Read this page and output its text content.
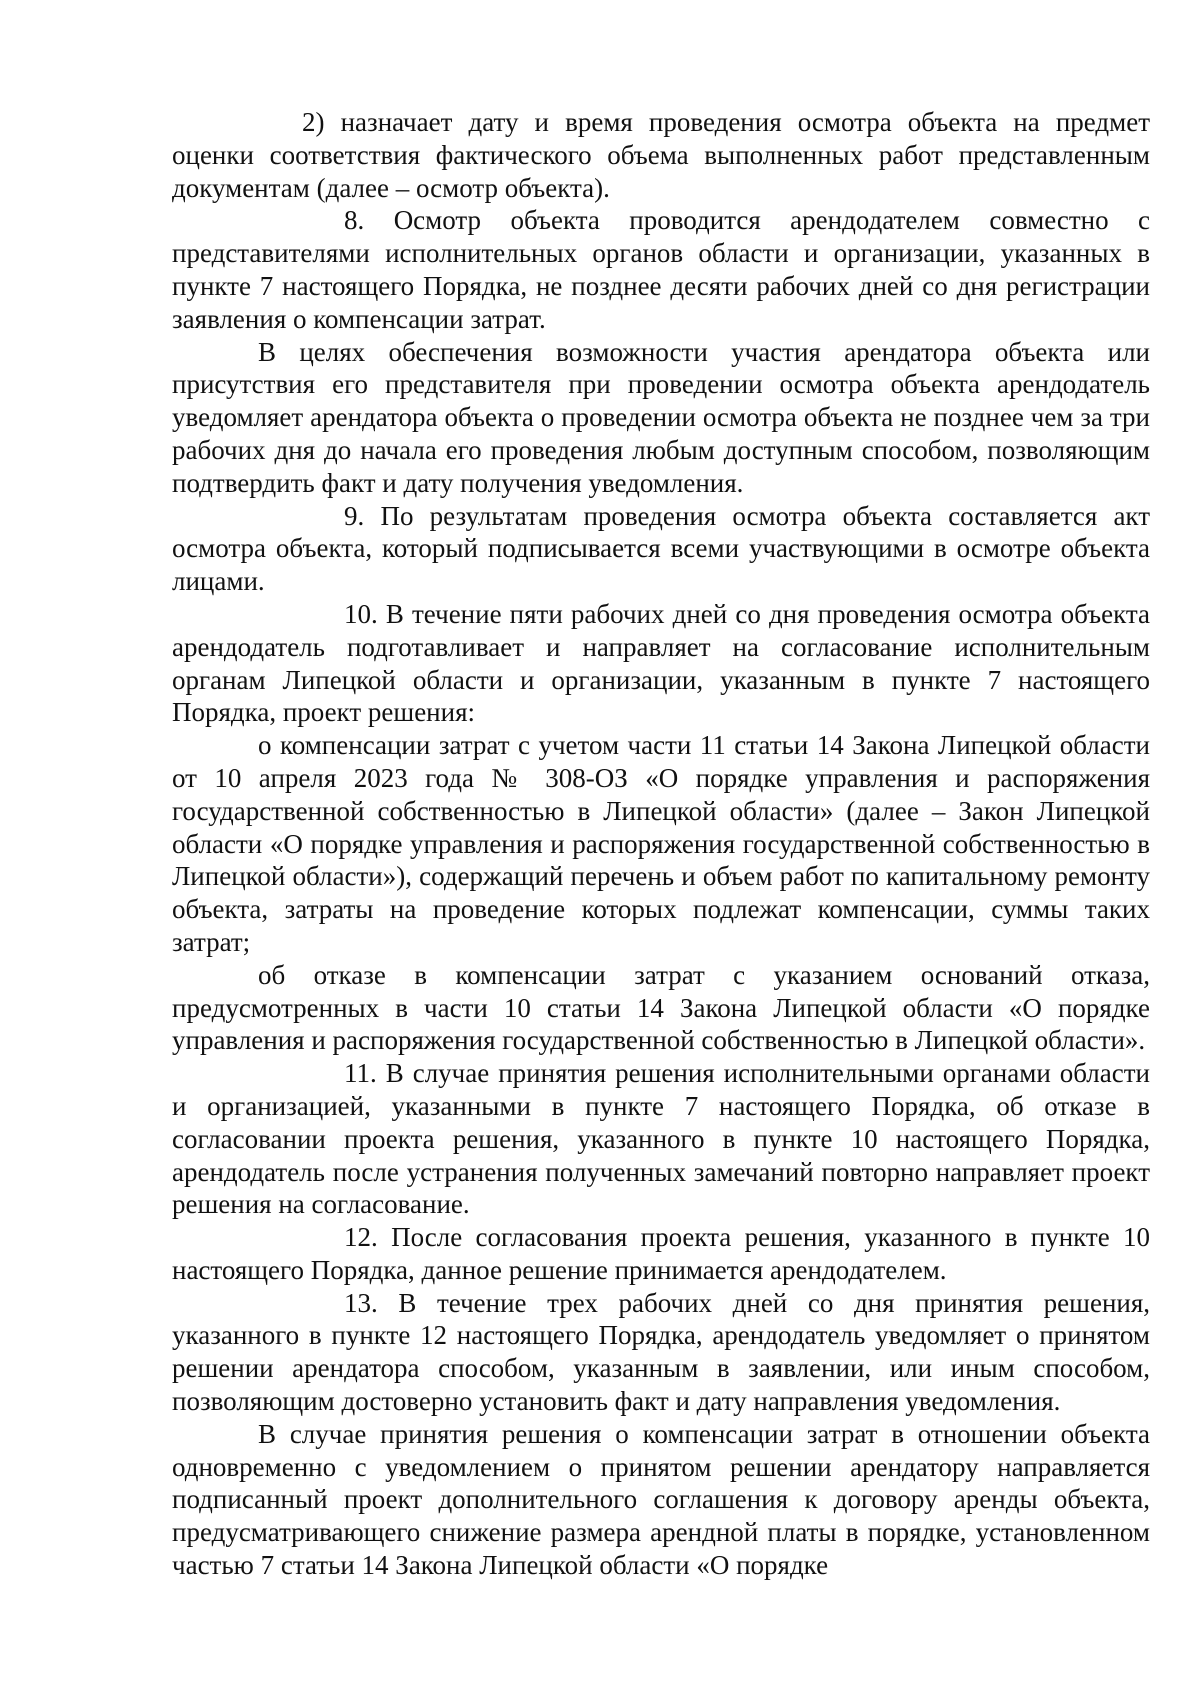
2) назначает дату и время проведения осмотра объекта на предмет оценки соответствия фактического объема выполненных работ представленным документам (далее – осмотр объекта).

8. Осмотр объекта проводится арендодателем совместно с представителями исполнительных органов области и организации, указанных в пункте 7 настоящего Порядка, не позднее десяти рабочих дней со дня регистрации заявления о компенсации затрат.

В целях обеспечения возможности участия арендатора объекта или присутствия его представителя при проведении осмотра объекта арендодатель уведомляет арендатора объекта о проведении осмотра объекта не позднее чем за три рабочих дня до начала его проведения любым доступным способом, позволяющим подтвердить факт и дату получения уведомления.

9. По результатам проведения осмотра объекта составляется акт осмотра объекта, который подписывается всеми участвующими в осмотре объекта лицами.

10. В течение пяти рабочих дней со дня проведения осмотра объекта арендодатель подготавливает и направляет на согласование исполнительным органам Липецкой области и организации, указанным в пункте 7 настоящего Порядка, проект решения:

о компенсации затрат с учетом части 11 статьи 14 Закона Липецкой области от 10 апреля 2023 года № 308-ОЗ «О порядке управления и распоряжения государственной собственностью в Липецкой области» (далее – Закон Липецкой области «О порядке управления и распоряжения государственной собственностью в Липецкой области»), содержащий перечень и объем работ по капитальному ремонту объекта, затраты на проведение которых подлежат компенсации, суммы таких затрат;

об отказе в компенсации затрат с указанием оснований отказа, предусмотренных в части 10 статьи 14 Закона Липецкой области «О порядке управления и распоряжения государственной собственностью в Липецкой области».

11. В случае принятия решения исполнительными органами области и организацией, указанными в пункте 7 настоящего Порядка, об отказе в согласовании проекта решения, указанного в пункте 10 настоящего Порядка, арендодатель после устранения полученных замечаний повторно направляет проект решения на согласование.

12. После согласования проекта решения, указанного в пункте 10 настоящего Порядка, данное решение принимается арендодателем.

13. В течение трех рабочих дней со дня принятия решения, указанного в пункте 12 настоящего Порядка, арендодатель уведомляет о принятом решении арендатора способом, указанным в заявлении, или иным способом, позволяющим достоверно установить факт и дату направления уведомления.

В случае принятия решения о компенсации затрат в отношении объекта одновременно с уведомлением о принятом решении арендатору направляется подписанный проект дополнительного соглашения к договору аренды объекта, предусматривающего снижение размера арендной платы в порядке, установленном частью 7 статьи 14 Закона Липецкой области «О порядке
